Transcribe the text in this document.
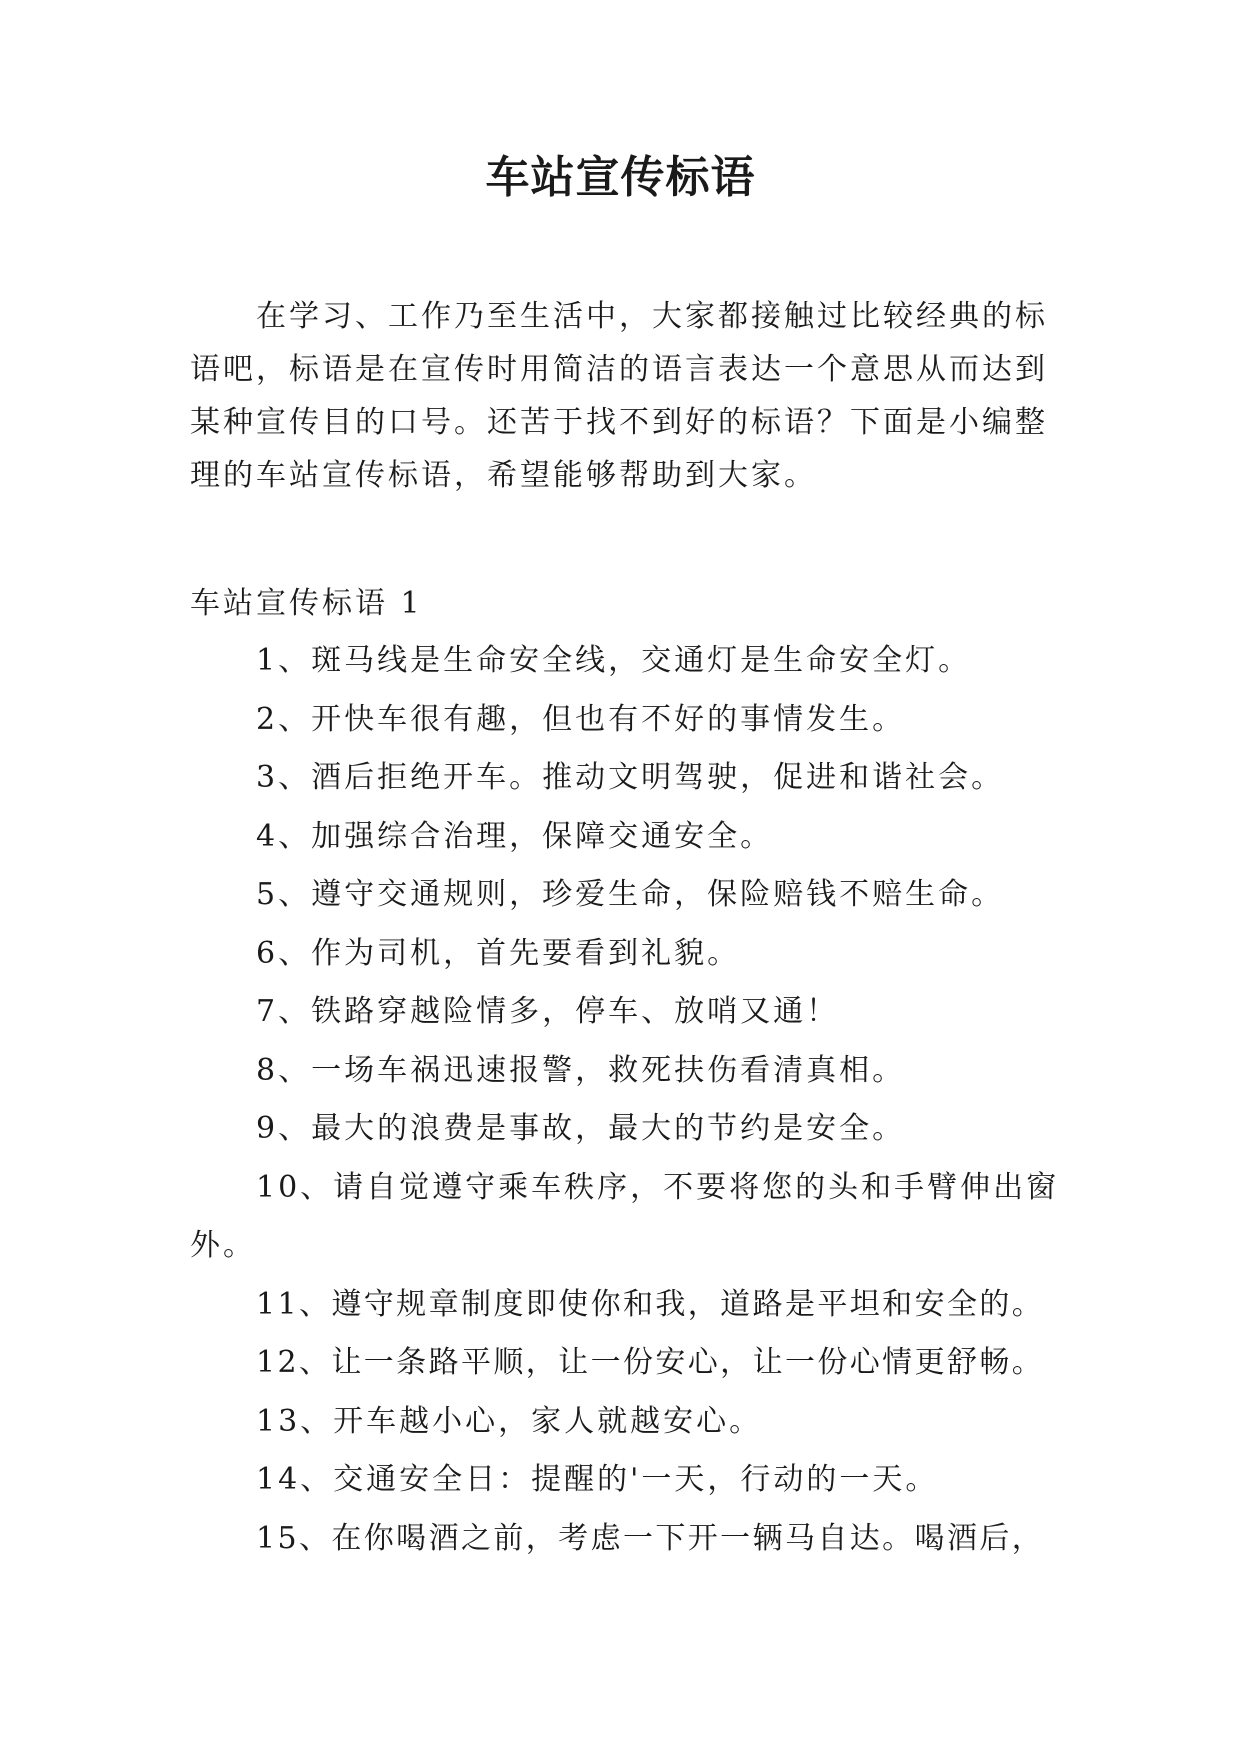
车站宣传标语

在学习、工作乃至生活中，大家都接触过比较经典的标语吧，标语是在宣传时用简洁的语言表达一个意思从而达到某种宣传目的口号。还苦于找不到好的标语？下面是小编整理的车站宣传标语，希望能够帮助到大家。

车站宣传标语 1
1、斑马线是生命安全线，交通灯是生命安全灯。
2、开快车很有趣，但也有不好的事情发生。
3、酒后拒绝开车。推动文明驾驶，促进和谐社会。
4、加强综合治理，保障交通安全。
5、遵守交通规则，珍爱生命，保险赔钱不赔生命。
6、作为司机，首先要看到礼貌。
7、铁路穿越险情多，停车、放哨又通！
8、一场车祸迅速报警，救死扶伤看清真相。
9、最大的浪费是事故，最大的节约是安全。
10、请自觉遵守乘车秩序，不要将您的头和手臂伸出窗外。
11、遵守规章制度即使你和我，道路是平坦和安全的。
12、让一条路平顺，让一份安心，让一份心情更舒畅。
13、开车越小心，家人就越安心。
14、交通安全日：提醒的'一天，行动的一天。
15、在你喝酒之前，考虑一下开一辆马自达。喝酒后，
